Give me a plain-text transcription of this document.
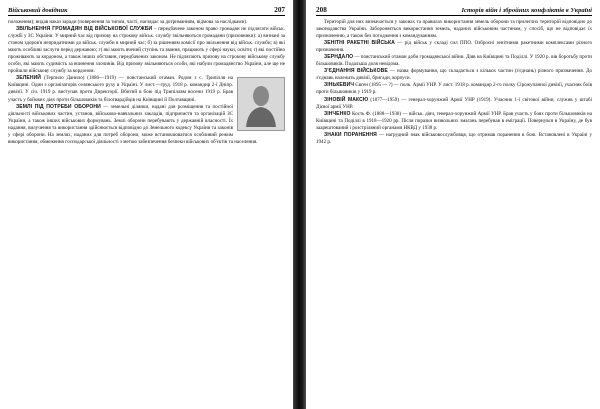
Військовий довідник	207

положення); видав наказ заради (повернення за типом, часті, наглядає за дотриманням, відмова за наслідками).

ЗВІЛЬНЕННЯ ГРОМАДЯН ВІД ВІЙСЬКОВОЇ СЛУЖБИ – передбачене законом право громадян не підлягати військ. службі у ЗС України. У мирний час від призову на строкову військ. службу звільняються громадяни (призовники): а) визнані за станом здоров'я непридатними до військ. служби в мирний час; б) за рішенням комісії про звільнення від військ. служби; в) які мають особливі заслуги перед державою; г) які мають вчений ступінь та звання, працюють у сфері науки, освіти; ґ) які постійно проживають за кордоном, а також інших обставин, передбачених законом. Не підлягають призову на строкову військову службу особи, які мають судимість за вчинення злочинів. Від призову звільняються особи, які набули громадянство України, але ще не пройшли військову службу за кордоном.

ЗЕЛЕНИЙ (Терпило Данило) (1886—1919) — повстанський отаман. Родом з с. Трипілля на Київщині. Один з організаторів селянського руху в Україні. У лист.—груд. 1918 р. командир 2-ї Дніпр. дивізії. У січ. 1919 р. виступав проти Директорії. Вбитий в бою під Трипіллям восени 1919 р. Брав участь у бойових діях проти більшовиків та білогвардійців на Київщині й Полтавщині.

ЗЕМЛІ ПІД ПОТРЕБИ ОБОРОНИ — земельні ділянки, надані для розміщення та постійної діяльності військових частин, установ, військово-навчальних закладів, підприємств та організацій ЗС України, а також інших військових формувань. Землі оборони перебувають у державній власності. Їх надання, вилучення та використання здійснюється відповідно до Земельного кодексу України та законів у сфері оборони. На землях, наданих для потреб оборони, може встановлюватися особливий режим використання, обмеження господарської діяльності з метою забезпечення безпеки військових об'єктів та населення.

208	Історія війн і збройних конфліктів в Україні

Територій для них визначається у законах та правилах використання земель оборони та прилеглих територій відповідно до законодавства України. Забороняється використання земель, наданих військовим частинам, у спосіб, що не відповідає їх призначенню, а також без погодження з командуванням.

ЗЕНІТНІ РАКЕТНІ ВІЙСЬКА — рід військ у складі сил ППО. Озброєні зенітними ракетними комплексами різного призначення.

ЗЕРНДАЛО — повстанський отаман доби громадянської війни. Діяв на Київщині та Поділлі. У 1920 р. вів боротьбу проти більшовиків. Подальша доля невідома.

З'ЄДНАННЯ ВІЙСЬКОВЕ — назва формування, що складається з кількох частин (з'єднань) різного призначення. До з'єднань належать дивізії, бригади, корпуси.

ЗІНЬКЕВИЧ Євген (1895 — ?) — полк. Армії УНР. У лист. 1918 р. командир 2-го полку Сірожупанної дивізії, учасник боїв проти більшовиків у 1919 р.

ЗІНОВІЙ МАКСЮ (1877—1959) — генерал-хорунжий Армії УНР (1919). Учасник 1-ї світової війни, служив у штабі Дієвої армії УНР.

ЗІНЧЕНКО Кость Ф. (1888—1938) — військ. діяч, генерал-хорунжий Армії УНР. Брав участь у боях проти більшовиків на Київщині та Поділлі в 1918—1920 рр. Після поразки визвольних змагань перебував в еміграції. Повернувся в Україну, де був заарештований і розстріляний органами НКВД у 1938 р.

ЗНАКИ ПОРАНЕННЯ — нагрудний знак військовослужбовця, що отримав поранення в бою. Встановлені в Україні у 1942 р.
